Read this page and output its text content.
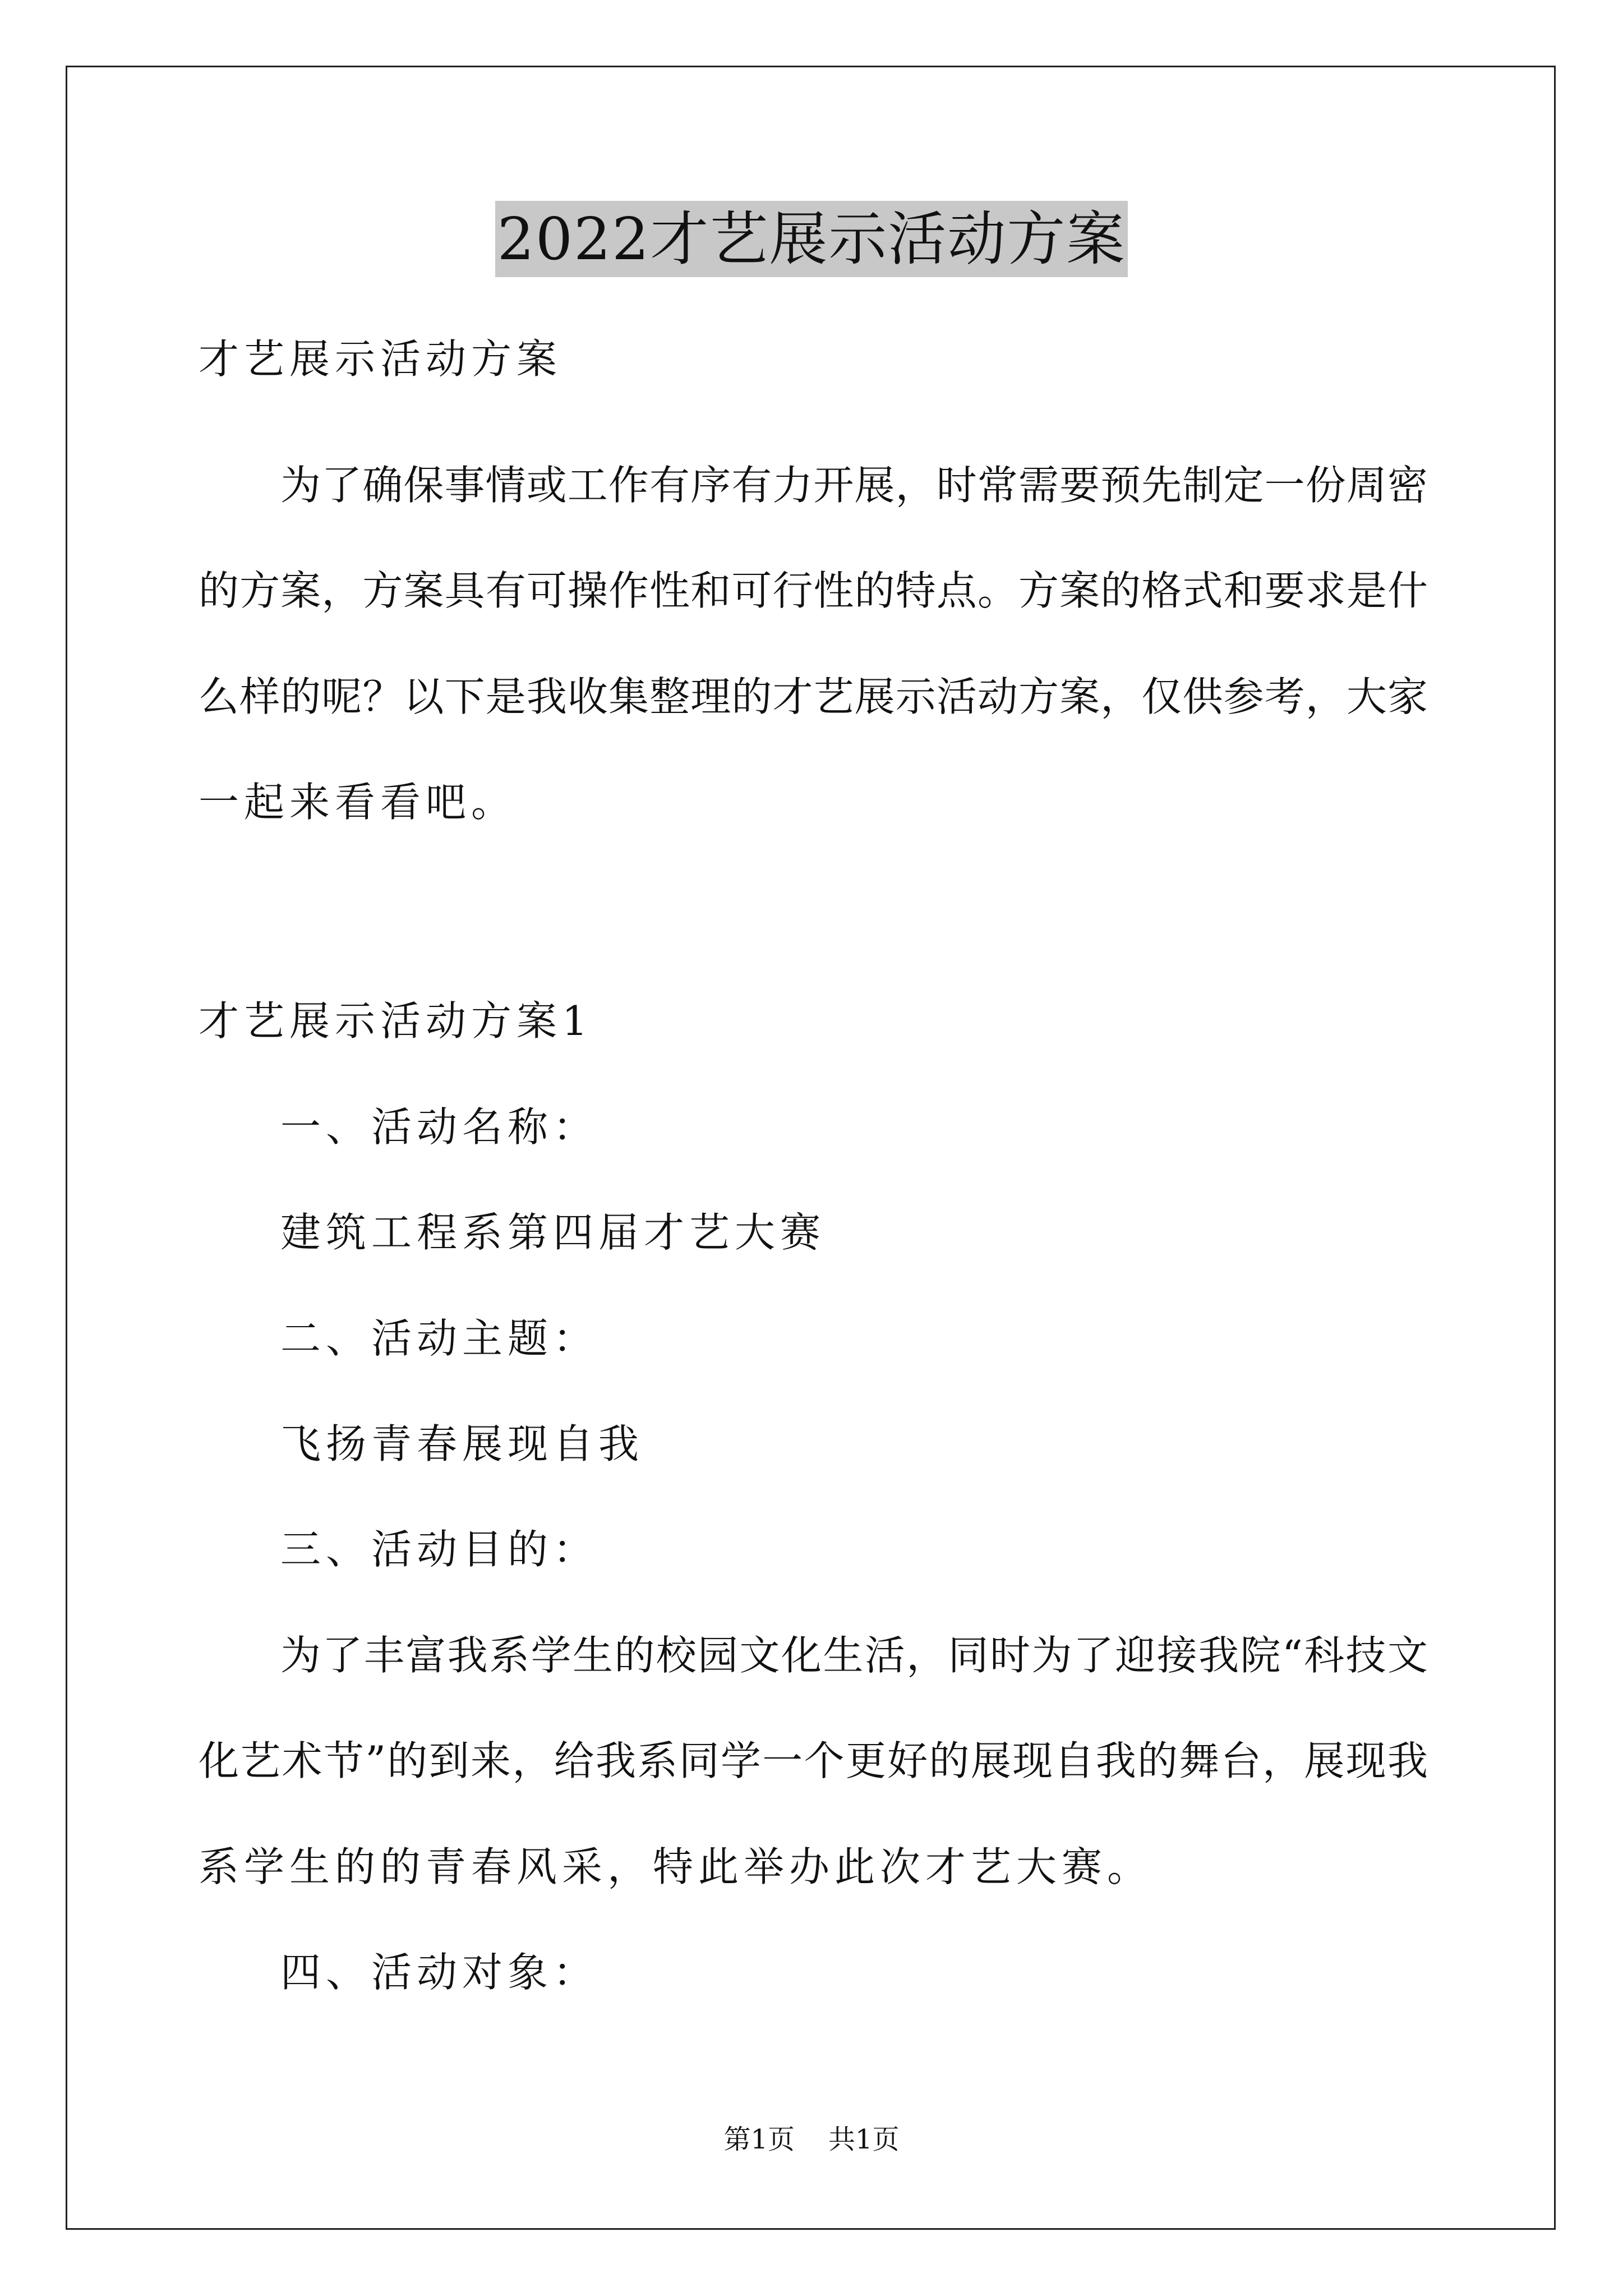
2022才艺展示活动方案
才艺展示活动方案
为了确保事情或工作有序有力开展，时常需要预先制定一份周密
的方案，方案具有可操作性和可行性的特点。方案的格式和要求是什
么样的呢？以下是我收集整理的才艺展示活动方案，仅供参考，大家
一起来看看吧。
才艺展示活动方案1
一、活动名称：
建筑工程系第四届才艺大赛
二、活动主题：
飞扬青春展现自我
三、活动目的：
为了丰富我系学生的校园文化生活，同时为了迎接我院“科技文
化艺术节”的到来，给我系同学一个更好的展现自我的舞台，展现我
系学生的的青春风采，特此举办此次才艺大赛。
四、活动对象：
第1页 共1页
